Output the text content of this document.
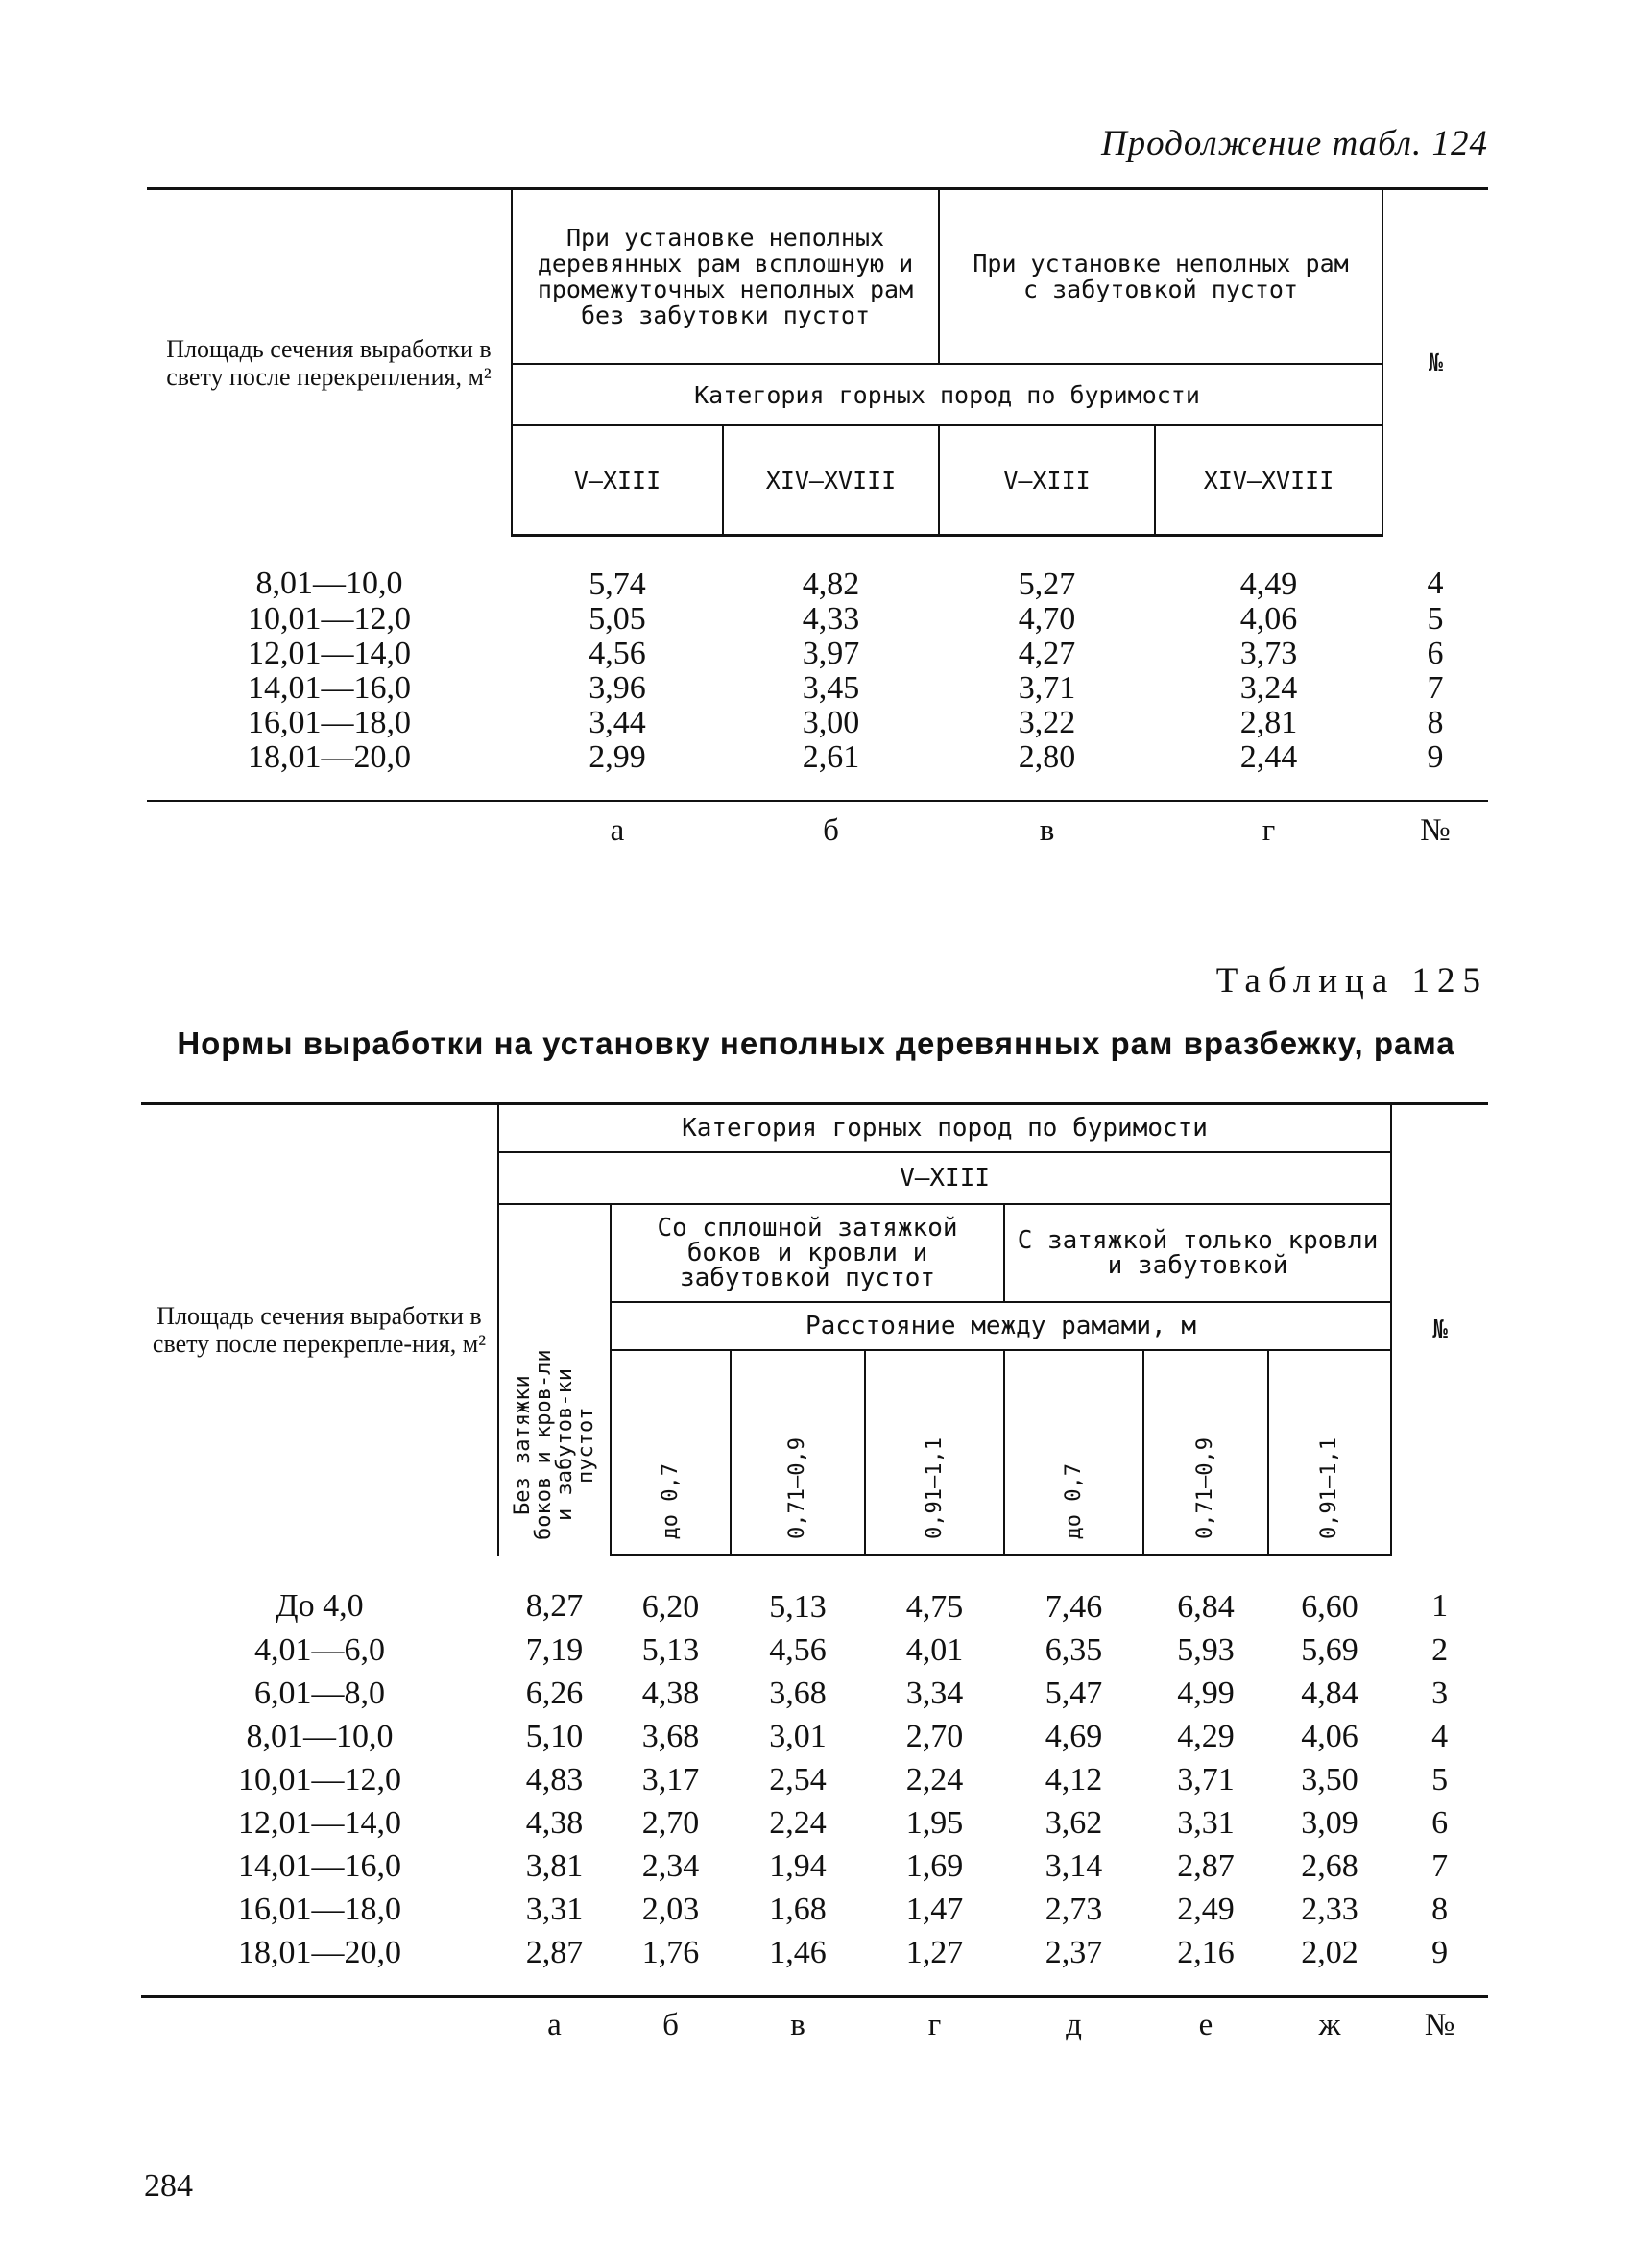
Продолжение табл. 124
Площадь сечения выработки в свету после перекрепления, м²	При установке неполных деревянных рам всплошную и промежуточных неполных рам без забутовки пустот		При установке неполных рам с забутовкой пустот		№
	Категория горных пород по буримости				
	V—XIII	XIV—XVIII	V—XIII	XIV—XVIII	
8,01—10,0	5,74	4,82	5,27	4,49	4
10,01—12,0	5,05	4,33	4,70	4,06	5
12,01—14,0	4,56	3,97	4,27	3,73	6
14,01—16,0	3,96	3,45	3,71	3,24	7
16,01—18,0	3,44	3,00	3,22	2,81	8
18,01—20,0	2,99	2,61	2,80	2,44	9
	а	б	в	г	№
Таблица 125
Нормы выработки на установку неполных деревянных рам вразбежку, рама
Площадь сечения выработки в свету после перекрепле-ния, м²	Категория горных пород по буримости							№
	V—XIII							
	Без затяжки боков и кров-ли и забутов-ки пустот	Со сплошной затяжкой боков и кровли и забутовкой пустот			С затяжкой только кровли и забутовкой			
		Расстояние между рамами, м						
		до 0,7	0,71—0,9	0,91—1,1	до 0,7	0,71—0,9	0,91—1,1	
До 4,0	8,27	6,20	5,13	4,75	7,46	6,84	6,60	1
4,01—6,0	7,19	5,13	4,56	4,01	6,35	5,93	5,69	2
6,01—8,0	6,26	4,38	3,68	3,34	5,47	4,99	4,84	3
8,01—10,0	5,10	3,68	3,01	2,70	4,69	4,29	4,06	4
10,01—12,0	4,83	3,17	2,54	2,24	4,12	3,71	3,50	5
12,01—14,0	4,38	2,70	2,24	1,95	3,62	3,31	3,09	6
14,01—16,0	3,81	2,34	1,94	1,69	3,14	2,87	2,68	7
16,01—18,0	3,31	2,03	1,68	1,47	2,73	2,49	2,33	8
18,01—20,0	2,87	1,76	1,46	1,27	2,37	2,16	2,02	9
	а	б	в	г	д	е	ж	№
284
